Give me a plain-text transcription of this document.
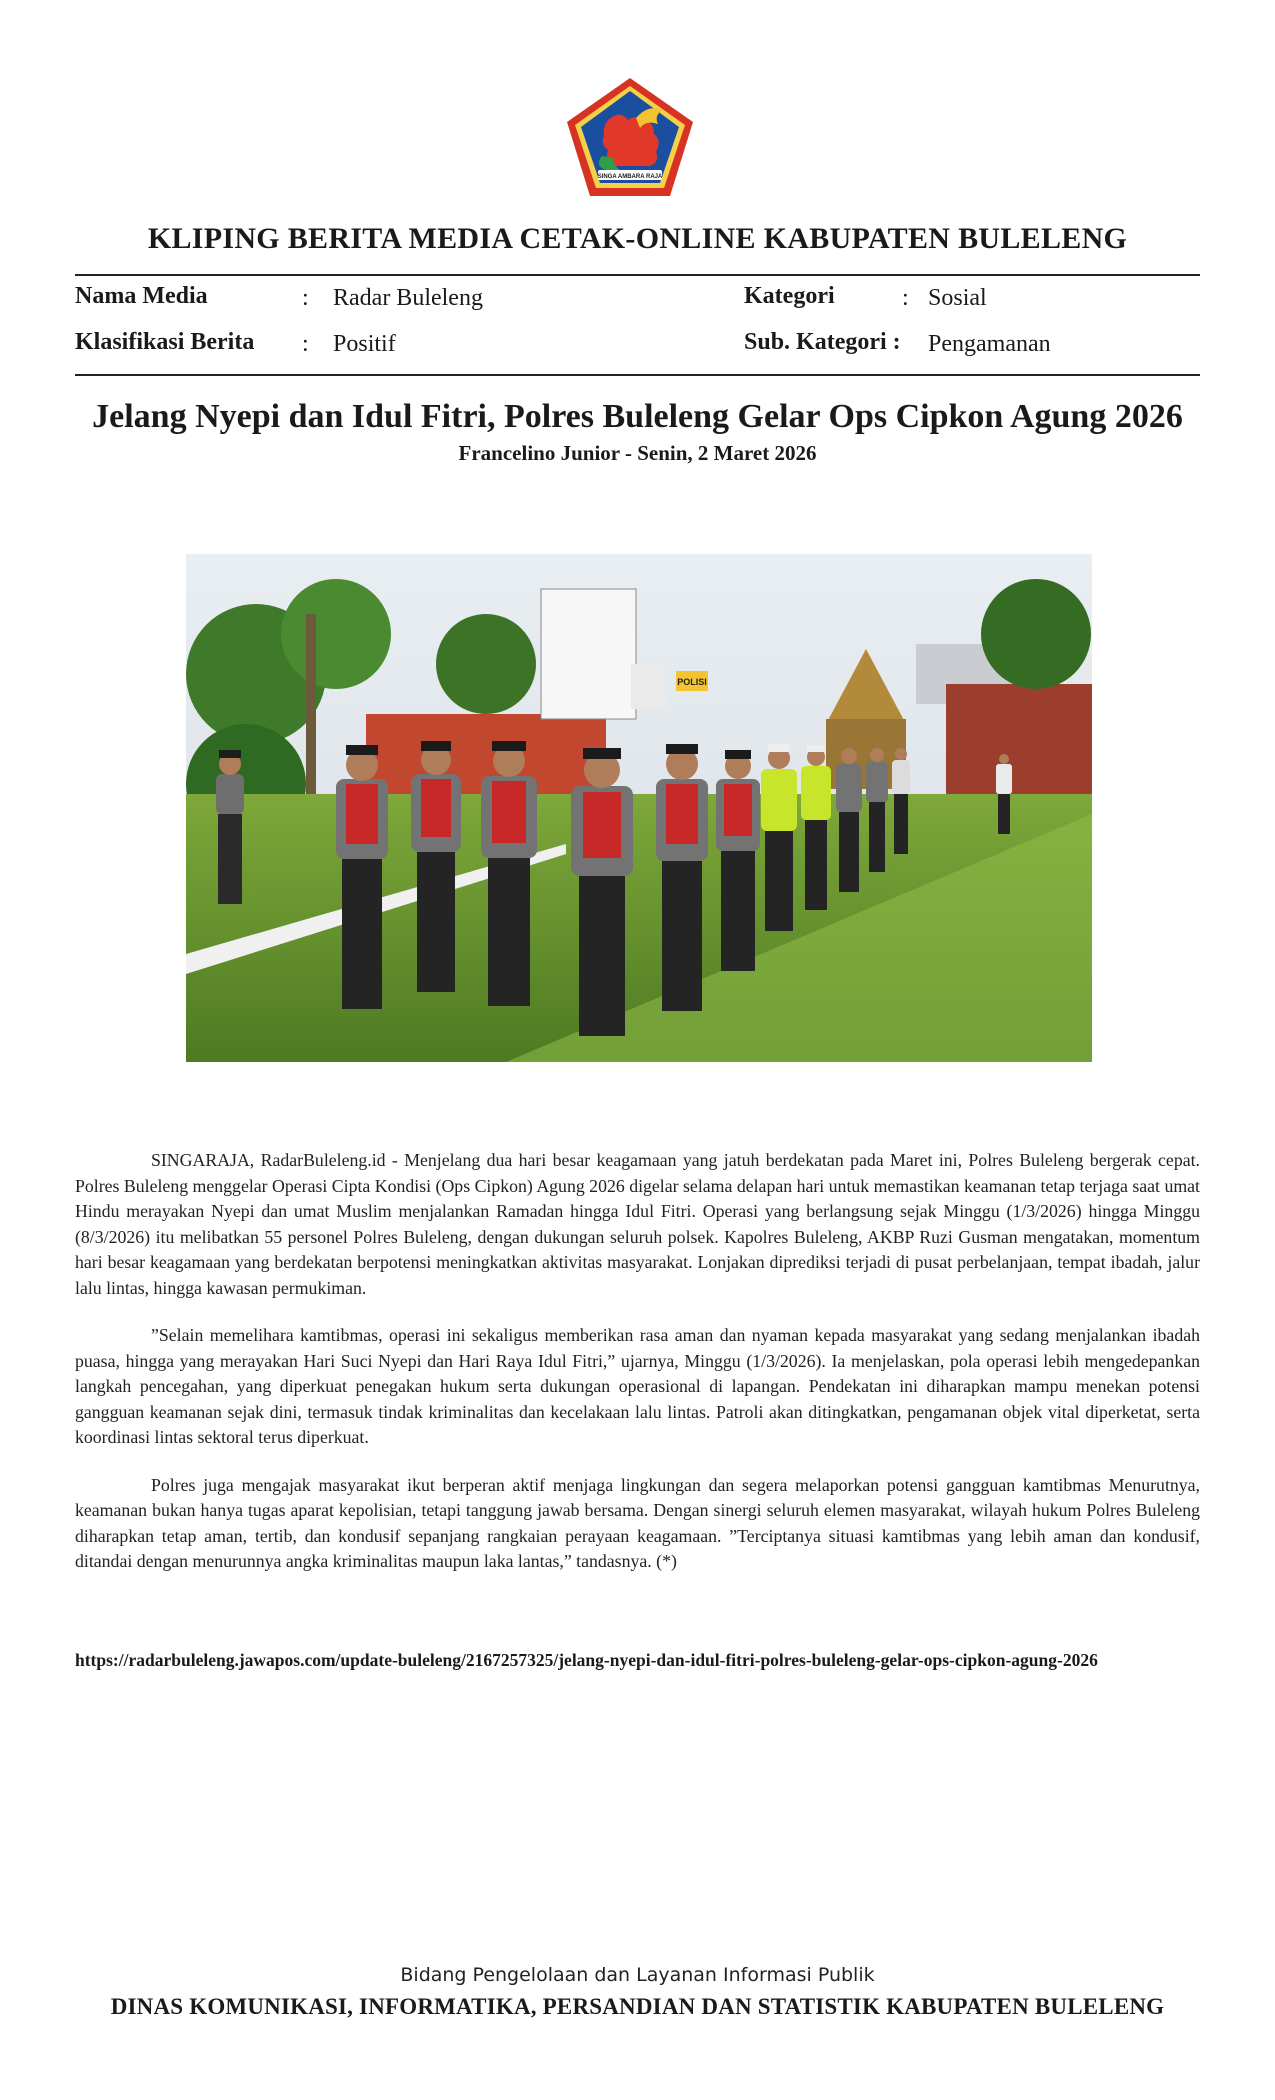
SINGA AMBARA RAJA
KLIPING BERITA MEDIA CETAK-ONLINE KABUPATEN BULELENG
Nama Media	: Radar Buleleng	Kategori	: Sosial
Klasifikasi Berita : Positif	Sub. Kategori : Pengamanan
Jelang Nyepi dan Idul Fitri, Polres Buleleng Gelar Ops Cipkon Agung 2026
Francelino Junior - Senin, 2 Maret 2026
POLISI

SINGARAJA, RadarBuleleng.id - Menjelang dua hari besar keagamaan yang jatuh berdekatan pada Maret ini, Polres Buleleng bergerak cepat. Polres Buleleng menggelar Operasi Cipta Kondisi (Ops Cipkon) Agung 2026 digelar selama delapan hari untuk memastikan keamanan tetap terjaga saat umat Hindu merayakan Nyepi dan umat Muslim menjalankan Ramadan hingga Idul Fitri. Operasi yang berlangsung sejak Minggu (1/3/2026) hingga Minggu (8/3/2026) itu melibatkan 55 personel Polres Buleleng, dengan dukungan seluruh polsek. Kapolres Buleleng, AKBP Ruzi Gusman mengatakan, momentum hari besar keagamaan yang berdekatan berpotensi meningkatkan aktivitas masyarakat. Lonjakan diprediksi terjadi di pusat perbelanjaan, tempat ibadah, jalur lalu lintas, hingga kawasan permukiman.

”Selain memelihara kamtibmas, operasi ini sekaligus memberikan rasa aman dan nyaman kepada masyarakat yang sedang menjalankan ibadah puasa, hingga yang merayakan Hari Suci Nyepi dan Hari Raya Idul Fitri,” ujarnya, Minggu (1/3/2026). Ia menjelaskan, pola operasi lebih mengedepankan langkah pencegahan, yang diperkuat penegakan hukum serta dukungan operasional di lapangan. Pendekatan ini diharapkan mampu menekan potensi gangguan keamanan sejak dini, termasuk tindak kriminalitas dan kecelakaan lalu lintas. Patroli akan ditingkatkan, pengamanan objek vital diperketat, serta koordinasi lintas sektoral terus diperkuat.

Polres juga mengajak masyarakat ikut berperan aktif menjaga lingkungan dan segera melaporkan potensi gangguan kamtibmas Menurutnya, keamanan bukan hanya tugas aparat kepolisian, tetapi tanggung jawab bersama. Dengan sinergi seluruh elemen masyarakat, wilayah hukum Polres Buleleng diharapkan tetap aman, tertib, dan kondusif sepanjang rangkaian perayaan keagamaan. ”Terciptanya situasi kamtibmas yang lebih aman dan kondusif, ditandai dengan menurunnya angka kriminalitas maupun laka lantas,” tandasnya. (*)

https://radarbuleleng.jawapos.com/update-buleleng/2167257325/jelang-nyepi-dan-idul-fitri-polres-buleleng-gelar-ops-cipkon-agung-2026
Bidang Pengelolaan dan Layanan Informasi Publik
DINAS KOMUNIKASI, INFORMATIKA, PERSANDIAN DAN STATISTIK KABUPATEN BULELENG
